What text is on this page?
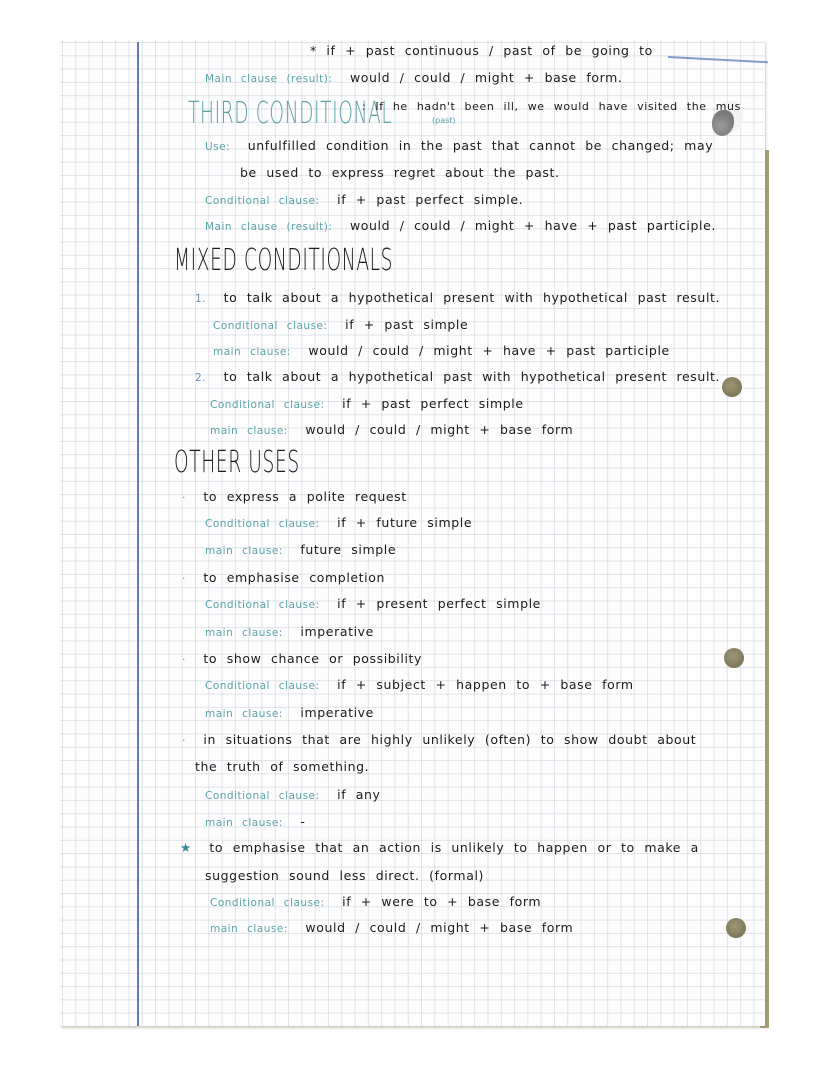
* if + past continuous / past of be going to
Main clause (result): would / could / might + base form.
THIRD CONDITIONAL
: If he hadn't been ill, we would have visited the mus
(past)
Use: unfulfilled condition in the past that cannot be changed; may
be used to express regret about the past.
Conditional clause: if + past perfect simple.
Main clause (result): would / could / might + have + past participle.
MIXED CONDITIONALS
1. to talk about a hypothetical present with hypothetical past result.
Conditional clause: if + past simple
main clause: would / could / might + have + past participle
2. to talk about a hypothetical past with hypothetical present result.
Conditional clause: if + past perfect simple
main clause: would / could / might + base form
OTHER USES
· to express a polite request
Conditional clause: if + future simple
main clause: future simple
· to emphasise completion
Conditional clause: if + present perfect simple
main clause: imperative
· to show chance or possibility
Conditional clause: if + subject + happen to + base form
main clause: imperative
· in situations that are highly unlikely (often) to show doubt about
the truth of something.
Conditional clause: if any
main clause: -
★ to emphasise that an action is unlikely to happen or to make a
suggestion sound less direct. (formal)
Conditional clause: if + were to + base form
main clause: would / could / might + base form
